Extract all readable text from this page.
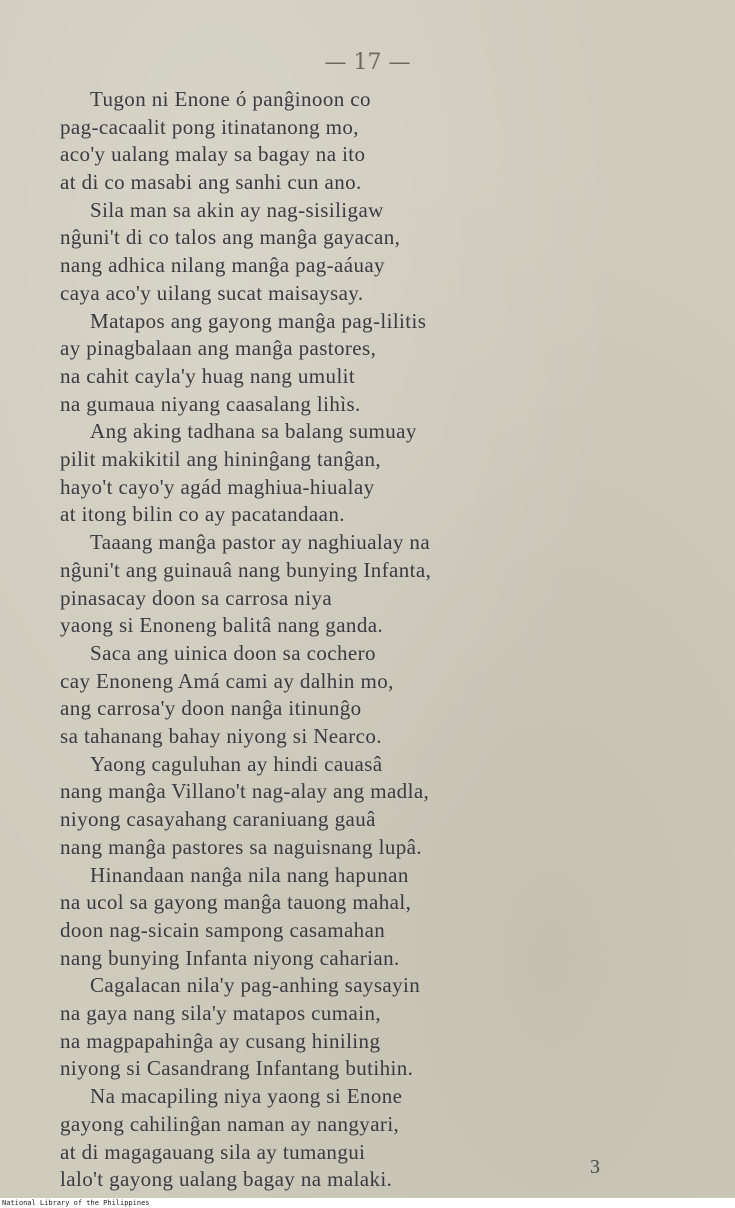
— 17 —
Tugon ni Enone ó panĝinoon co
pag-cacaalit pong itinatanong mo,
aco'y ualang malay sa bagay na ito
at di co masabi ang sanhi cun ano.
Sila man sa akin ay nag-sisiligaw
nĝuni't di co talos ang manĝa gayacan,
nang adhica nilang manĝa pag-aáuay
caya aco'y uilang sucat maisaysay.
Matapos ang gayong manĝa pag-lilitis
ay pinagbalaan ang manĝa pastores,
na cahit cayla'y huag nang umulit
na gumaua niyang caasalang lihìs.
Ang aking tadhana sa balang sumuay
pilit makikitil ang hininĝang tanĝan,
hayo't cayo'y agád maghiua-hiualay
at itong bilin co ay pacatandaan.
Taaang manĝa pastor ay naghiualay na
nĝuni't ang guinauâ nang bunying Infanta,
pinasacay doon sa carrosa niya
yaong si Enoneng balitâ nang ganda.
Saca ang uinica doon sa cochero
cay Enoneng Amá cami ay dalhin mo,
ang carrosa'y doon nanĝa itinunĝo
sa tahanang bahay niyong si Nearco.
Yaong caguluhan ay hindi cauasâ
nang manĝa Villano't nag-alay ang madla,
niyong casayahang caraniuang gauâ
nang manĝa pastores sa naguisnang lupâ.
Hinandaan nanĝa nila nang hapunan
na ucol sa gayong manĝa tauong mahal,
doon nag-sicain sampong casamahan
nang bunying Infanta niyong caharian.
Cagalacan nila'y pag-anhing saysayin
na gaya nang sila'y matapos cumain,
na magpapahinĝa ay cusang hiniling
niyong si Casandrang Infantang butihin.
Na macapiling niya yaong si Enone
gayong cahilinĝan naman ay nangyari,
at di magagauang sila ay tumangui
lalo't gayong ualang bagay na malaki.
3
National Library of the Philippines
